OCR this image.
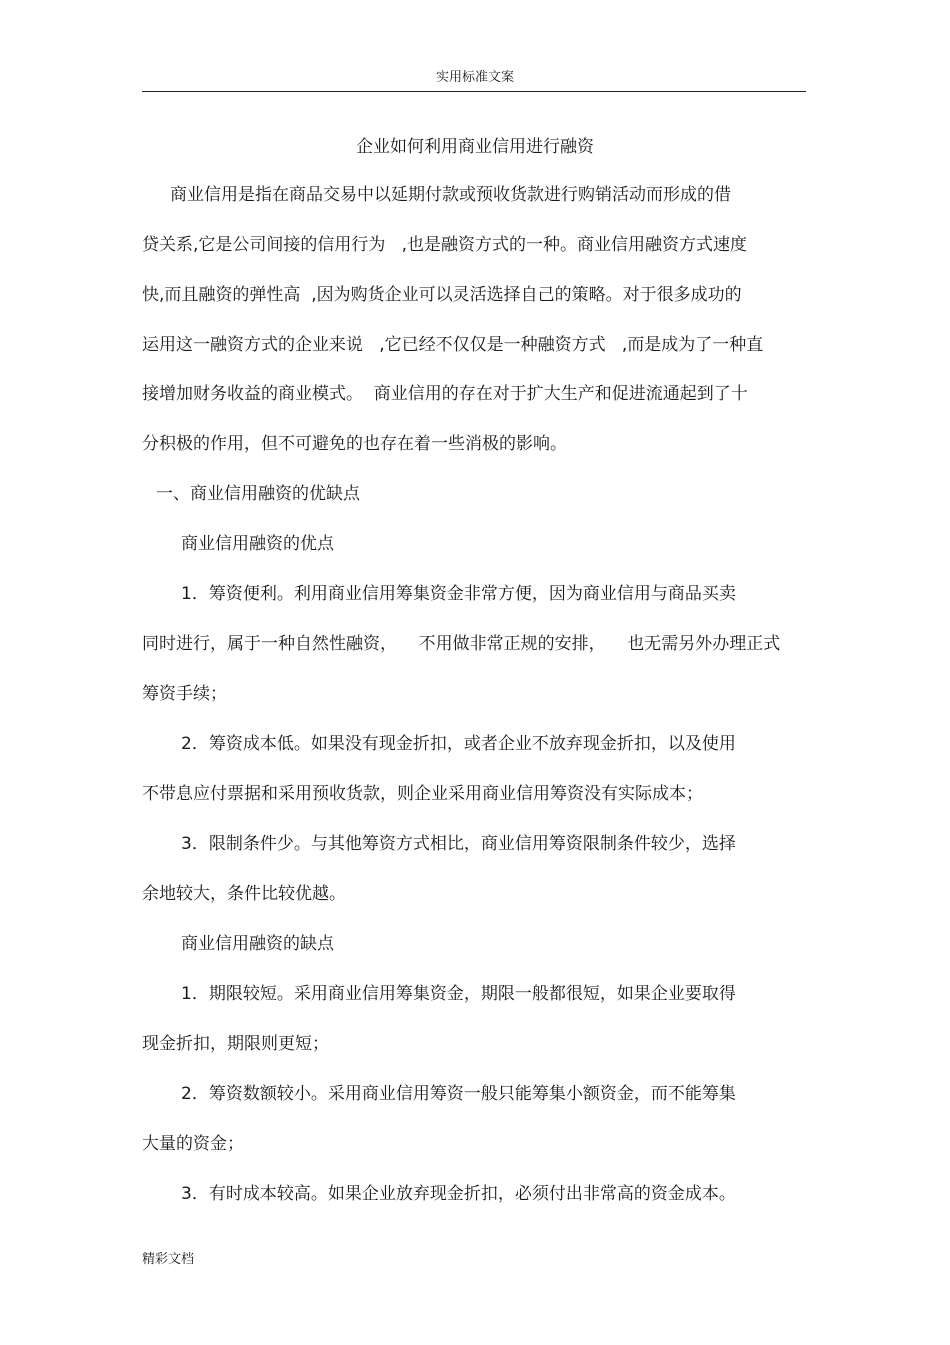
实用标准文案
企业如何利用商业信用进行融资
商业信用是指在商品交易中以延期付款或预收货款进行购销活动而形成的借
贷关系,它是公司间接的信用行为   ,也是融资方式的一种。商业信用融资方式速度
快,而且融资的弹性高  ,因为购货企业可以灵活选择自己的策略。对于很多成功的
运用这一融资方式的企业来说   ,它已经不仅仅是一种融资方式   ,而是成为了一种直
接增加财务收益的商业模式。  商业信用的存在对于扩大生产和促进流通起到了十
分积极的作用，但不可避免的也存在着一些消极的影响。
一、商业信用融资的优缺点
商业信用融资的优点
1．筹资便利。利用商业信用筹集资金非常方便，因为商业信用与商品买卖
同时进行，属于一种自然性融资，    不用做非常正规的安排，    也无需另外办理正式
筹资手续；
2．筹资成本低。如果没有现金折扣，或者企业不放弃现金折扣，以及使用
不带息应付票据和采用预收货款，则企业采用商业信用筹资没有实际成本；
3．限制条件少。与其他筹资方式相比，商业信用筹资限制条件较少，选择
余地较大，条件比较优越。
商业信用融资的缺点
1．期限较短。采用商业信用筹集资金，期限一般都很短，如果企业要取得
现金折扣，期限则更短；
2．筹资数额较小。采用商业信用筹资一般只能筹集小额资金，而不能筹集
大量的资金；
3．有时成本较高。如果企业放弃现金折扣，必须付出非常高的资金成本。
精彩文档
